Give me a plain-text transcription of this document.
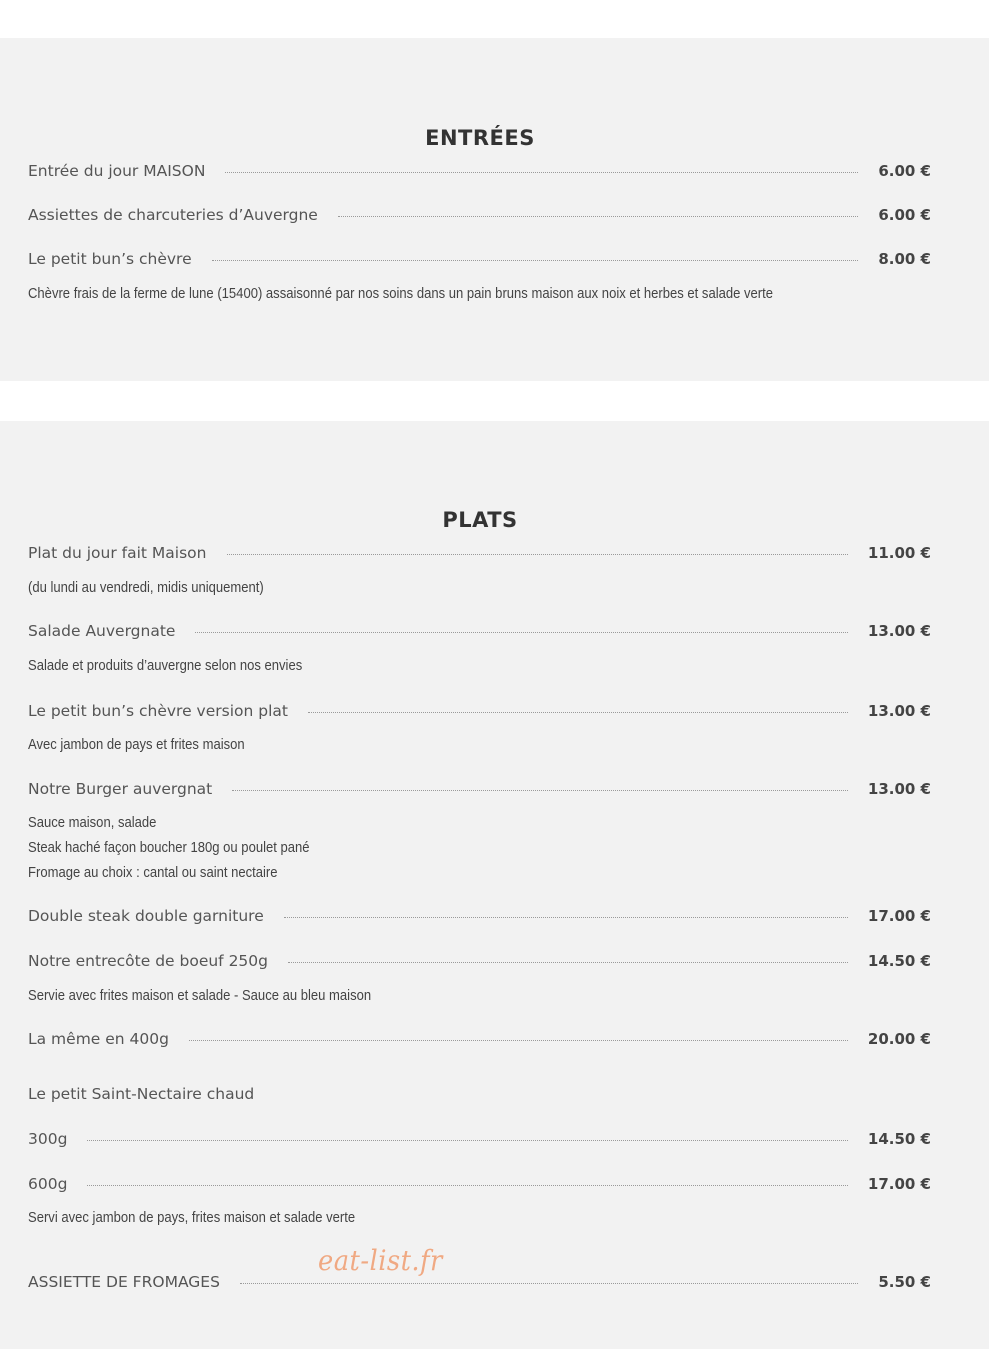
ENTRÉES
Entrée du jour MAISON	6.00 €
Assiettes de charcuteries d’Auvergne	6.00 €
Le petit bun’s chèvre	8.00 €
Chèvre frais de la ferme de lune (15400) assaisonné par nos soins dans un pain bruns maison aux noix et herbes et salade verte
PLATS
Plat du jour fait Maison	11.00 €
(du lundi au vendredi, midis uniquement)
Salade Auvergnate	13.00 €
Salade et produits d’auvergne selon nos envies
Le petit bun’s chèvre version plat	13.00 €
Avec jambon de pays et frites maison
Notre Burger auvergnat	13.00 €
Sauce maison, salade
Steak haché façon boucher 180g ou poulet pané
Fromage au choix : cantal ou saint nectaire
Double steak double garniture	17.00 €
Notre entrecôte de boeuf 250g	14.50 €
Servie avec frites maison et salade - Sauce au bleu maison
La même en 400g	20.00 €
Le petit Saint-Nectaire chaud
300g	14.50 €
600g	17.00 €
Servi avec jambon de pays, frites maison et salade verte
ASSIETTE DE FROMAGES	5.50 €
eat-list.fr
